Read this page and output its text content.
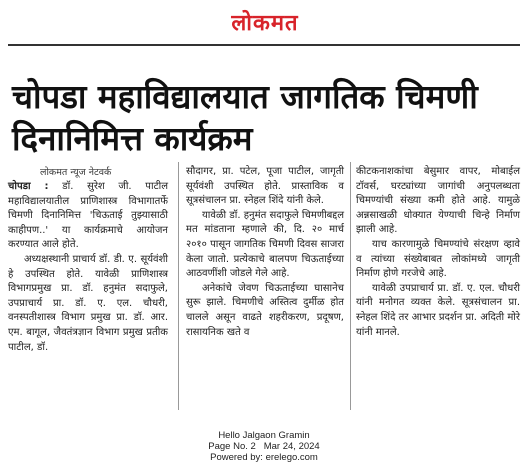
लोकमत
चोपडा महाविद्यालयात जागतिक चिमणी दिनानिमित्त कार्यक्रम
लोकमत न्यूज नेटवर्क

चोपडा : डॉ. सुरेश जी. पाटील महाविद्यालयातील प्राणिशास्त्र विभागातर्फे चिमणी दिनानिमित्त 'चिऊताई तुझ्यासाठी काहीपण..' या कार्यक्रमाचे आयोजन करण्यात आले होते.

अध्यक्षस्थानी प्राचार्य डॉ. डी. ए. सूर्यवंशी हे उपस्थित होते. यावेळी प्राणिशास्त्र विभागप्रमुख प्रा. डॉ. हनुमंत सदाफुले, उपप्राचार्य प्रा. डॉ. ए. एल. चौधरी, वनस्पतीशास्त्र विभाग प्रमुख प्रा. डॉ. आर. एम. बागूल, जैवतंत्रज्ञान विभाग प्रमुख प्रतीक पाटील, डॉ.

सौदागर, प्रा. पटेल, पूजा पाटील, जागृती सूर्यवंशी उपस्थित होते. प्रास्ताविक व सूत्रसंचालन प्रा. स्नेहल शिंदे यांनी केले.

यावेळी डॉ. हनुमंत सदाफुले चिमणीबद्दल मत मांडताना म्हणाले की, दि. २० मार्च २०१० पासून जागतिक चिमणी दिवस साजरा केला जातो. प्रत्येकाचे बालपण चिऊताईच्या आठवणींशी जोडले गेले आहे.

अनेकांचे जेवण चिऊताईच्या घासानेच सुरू झाले. चिमणीचे अस्तित्व दुर्मीळ होत चालले असून वाढते शहरीकरण, प्रदूषण, रासायनिक खते व

कीटकनाशकांचा बेसुमार वापर, मोबाईल टॉवर्स, घरट्यांच्या जागांची अनुपलब्धता चिमण्यांची संख्या कमी होते आहे. यामुळे अन्नसाखळी धोक्यात येण्याची चिन्हे निर्माण झाली आहे.

याच कारणामुळे चिमण्यांचे संरक्षण व्हावे व त्यांच्या संख्येबाबत लोकांमध्ये जागृती निर्माण होणे गरजेचे आहे.

यावेळी उपप्राचार्य प्रा. डॉ. ए. एल. चौधरी यांनी मनोगत व्यक्त केले. सूत्रसंचालन प्रा. स्नेहल शिंदे तर आभार प्रदर्शन प्रा. अदिती मोरे यांनी मानले.

Hello Jalgaon Gramin
Page No. 2   Mar 24, 2024
Powered by: erelego.com
